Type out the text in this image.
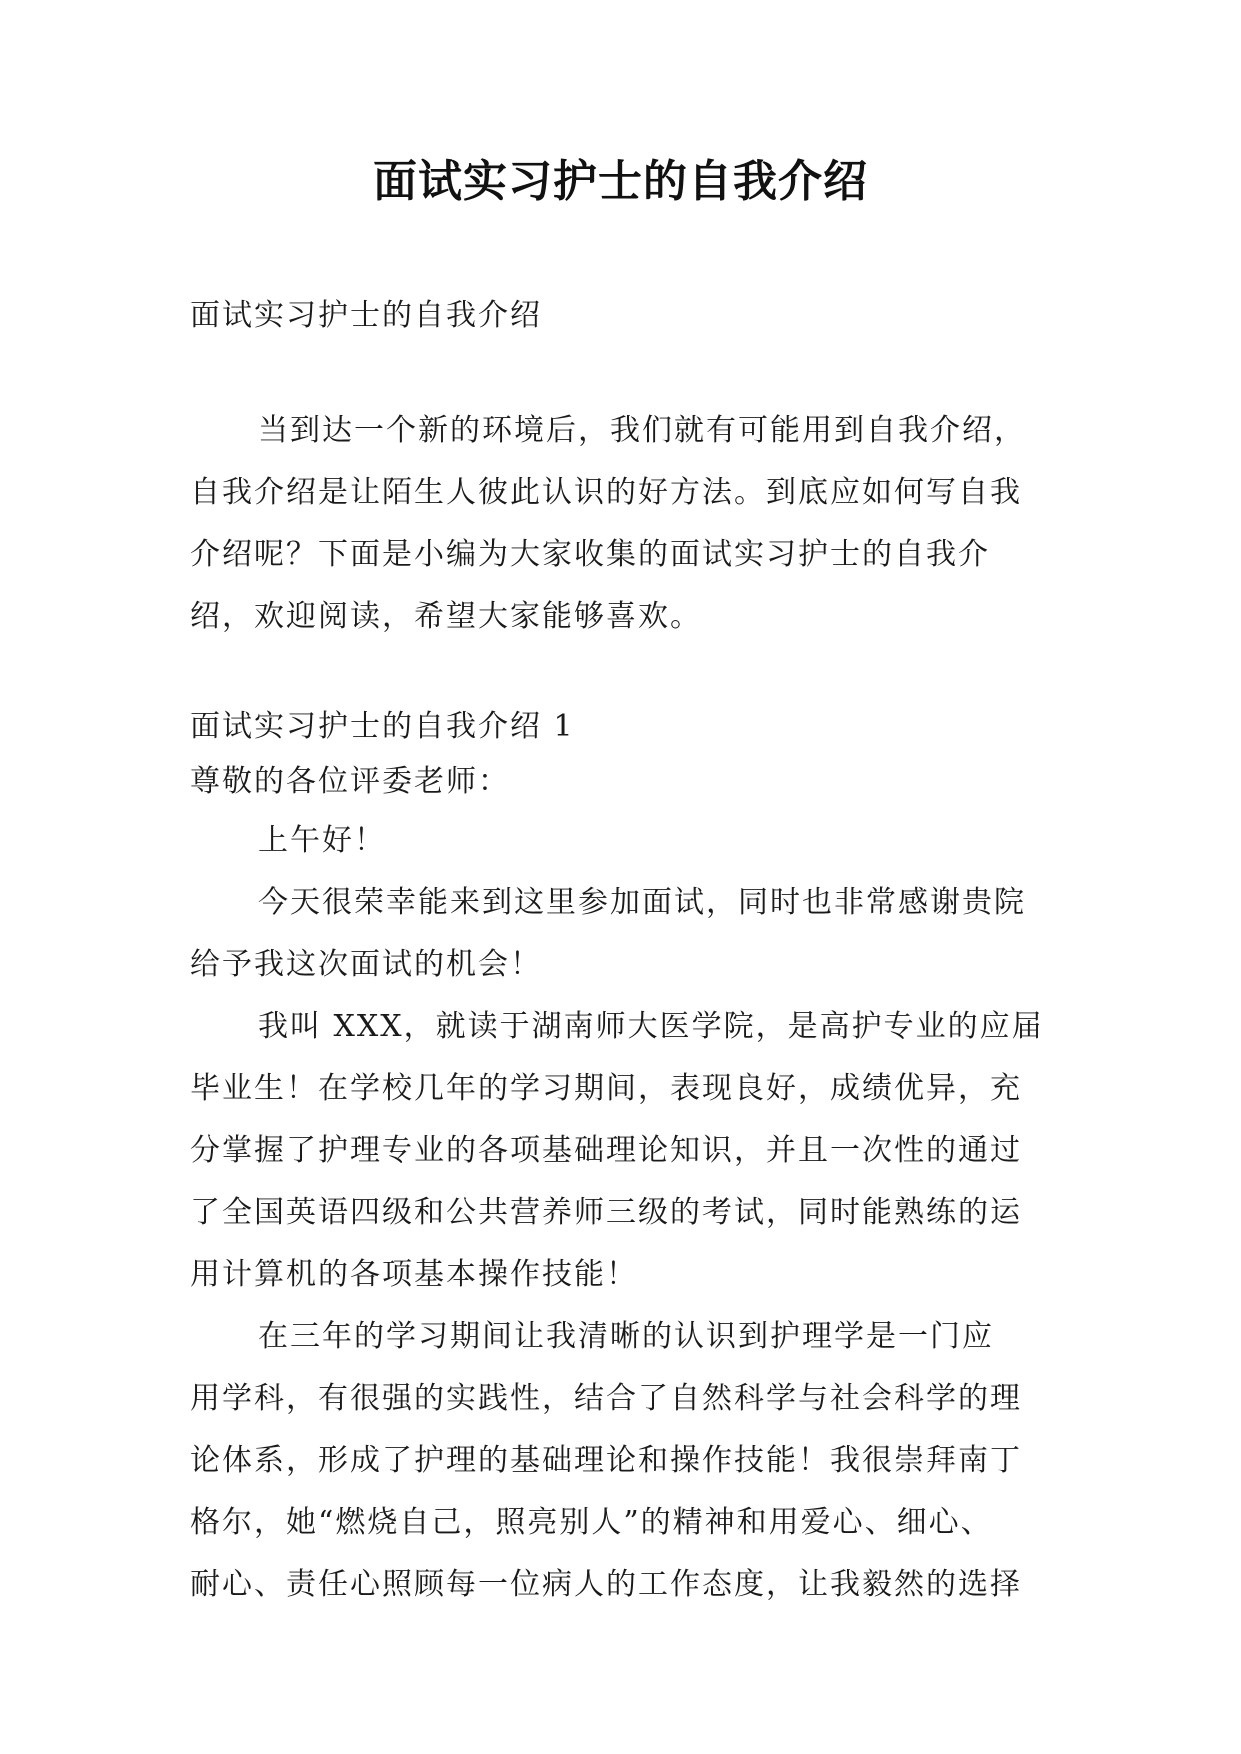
面试实习护士的自我介绍
面试实习护士的自我介绍
当到达一个新的环境后，我们就有可能用到自我介绍，
自我介绍是让陌生人彼此认识的好方法。到底应如何写自我
介绍呢？下面是小编为大家收集的面试实习护士的自我介
绍，欢迎阅读，希望大家能够喜欢。
面试实习护士的自我介绍 1
尊敬的各位评委老师：
上午好！
今天很荣幸能来到这里参加面试，同时也非常感谢贵院
给予我这次面试的机会！
我叫 XXX，就读于湖南师大医学院，是高护专业的应届
毕业生！在学校几年的学习期间，表现良好，成绩优异，充
分掌握了护理专业的各项基础理论知识，并且一次性的通过
了全国英语四级和公共营养师三级的考试，同时能熟练的运
用计算机的各项基本操作技能！
在三年的学习期间让我清晰的认识到护理学是一门应
用学科，有很强的实践性，结合了自然科学与社会科学的理
论体系，形成了护理的基础理论和操作技能！我很崇拜南丁
格尔，她“燃烧自己，照亮别人”的精神和用爱心、细心、
耐心、责任心照顾每一位病人的工作态度，让我毅然的选择
